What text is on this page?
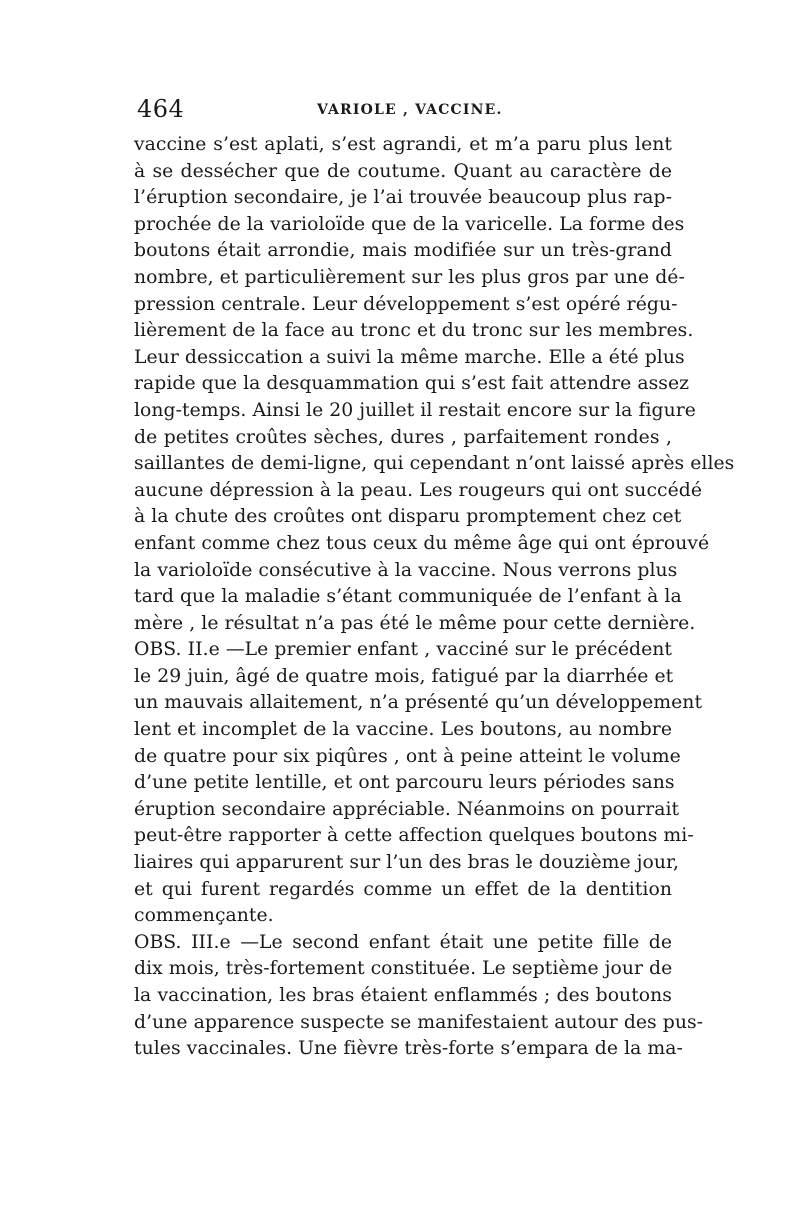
464	VARIOLE , VACCINE.
vaccine s’est aplati, s’est agrandi, et m’a paru plus lent
à se dessécher que de coutume. Quant au caractère de
l’éruption secondaire, je l’ai trouvée beaucoup plus rap-
prochée de la varioloïde que de la varicelle. La forme des
boutons était arrondie, mais modifiée sur un très-grand
nombre, et particulièrement sur les plus gros par une dé-
pression centrale. Leur développement s’est opéré régu-
lièrement de la face au tronc et du tronc sur les membres.
Leur dessiccation a suivi la même marche. Elle a été plus
rapide que la desquammation qui s’est fait attendre assez
long-temps. Ainsi le 20 juillet il restait encore sur la figure
de petites croûtes sèches, dures , parfaitement rondes ,
saillantes de demi-ligne, qui cependant n’ont laissé après elles
aucune dépression à la peau. Les rougeurs qui ont succédé
à la chute des croûtes ont disparu promptement chez cet
enfant comme chez tous ceux du même âge qui ont éprouvé
la varioloïde consécutive à la vaccine. Nous verrons plus
tard que la maladie s’étant communiquée de l’enfant à la
mère , le résultat n’a pas été le même pour cette dernière.
OBS. II.e —Le premier enfant , vacciné sur le précédent
le 29 juin, âgé de quatre mois, fatigué par la diarrhée et
un mauvais allaitement, n’a présenté qu’un développement
lent et incomplet de la vaccine. Les boutons, au nombre
de quatre pour six piqûres , ont à peine atteint le volume
d’une petite lentille, et ont parcouru leurs périodes sans
éruption secondaire appréciable. Néanmoins on pourrait
peut-être rapporter à cette affection quelques boutons mi-
liaires qui apparurent sur l’un des bras le douzième jour,
et qui furent regardés comme un effet de la dentition
commençante.
OBS. III.e —Le second enfant était une petite fille de
dix mois, très-fortement constituée. Le septième jour de
la vaccination, les bras étaient enflammés ; des boutons
d’une apparence suspecte se manifestaient autour des pus-
tules vaccinales. Une fièvre très-forte s’empara de la ma-
